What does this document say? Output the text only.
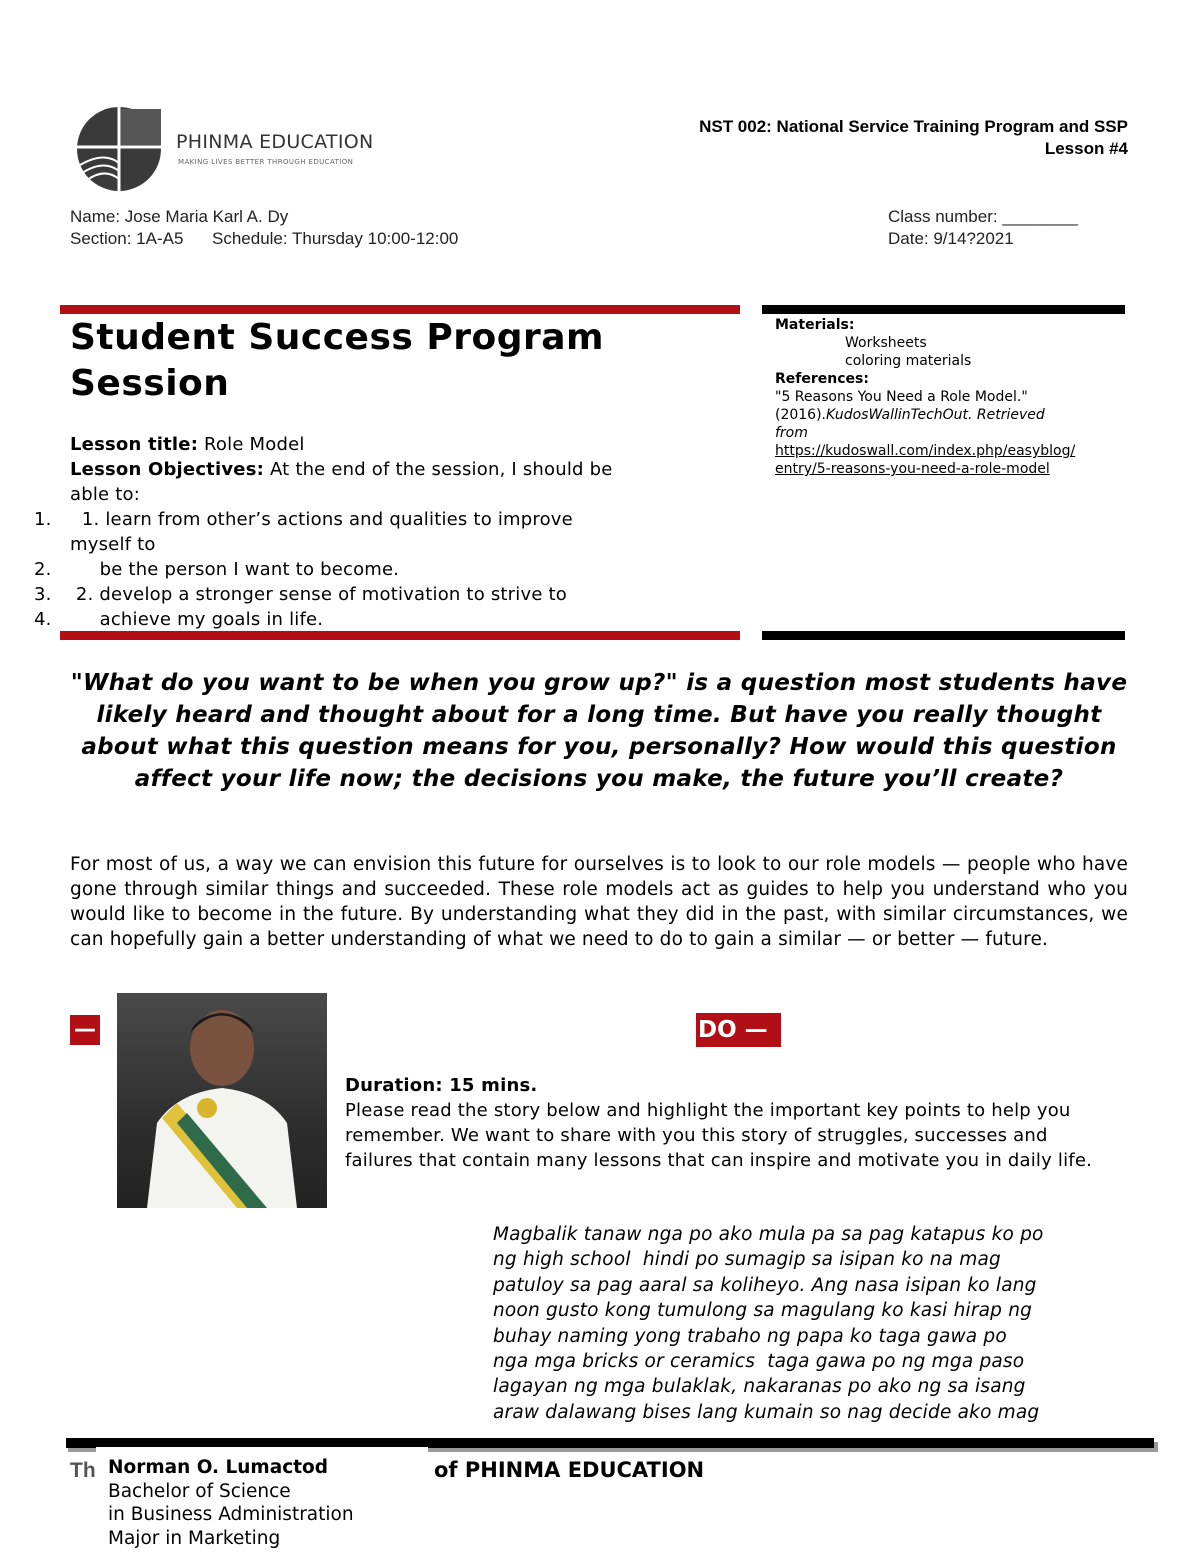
PHINMA EDUCATION
MAKING LIVES BETTER THROUGH EDUCATION
NST 002: National Service Training Program and SSP
Lesson #4
Name: Jose Maria Karl A. Dy
Section: 1A-A5 Schedule: Thursday 10:00-12:00
Class number: ________
Date: 9/14?2021
Student Success Program
Session
Lesson title: Role Model
Lesson Objectives: At the end of the session, I should be
able to:
1.	1. learn from other’s actions and qualities to improve
myself to
2.	be the person I want to become.
3.	2. develop a stronger sense of motivation to strive to
4.	achieve my goals in life.
Materials:
Worksheets
coloring materials
References:
"5 Reasons You Need a Role Model."
(2016).KudosWallinTechOut. Retrieved
from
https://kudoswall.com/index.php/easyblog/
entry/5-reasons-you-need-a-role-model
"What do you want to be when you grow up?" is a question most students have likely heard and thought about for a long time. But have you really thought about what this question means for you, personally? How would this question affect your life now; the decisions you make, the future you’ll create?
For most of us, a way we can envision this future for ourselves is to look to our role models — people who have gone through similar things and succeeded. These role models act as guides to help you understand who you would like to become in the future. By understanding what they did in the past, with similar circumstances, we can hopefully gain a better understanding of what we need to do to gain a similar — or better — future.
—	DO —
Duration: 15 mins.
Please read the story below and highlight the important key points to help you remember. We want to share with you this story of struggles, successes and failures that contain many lessons that can inspire and motivate you in daily life.
Magbalik tanaw nga po ako mula pa sa pag katapus ko po
ng high school  hindi po sumagip sa isipan ko na mag
patuloy sa pag aaral sa koliheyo. Ang nasa isipan ko lang
noon gusto kong tumulong sa magulang ko kasi hirap ng
buhay naming yong trabaho ng papa ko taga gawa po
nga mga bricks or ceramics  taga gawa po ng mga paso
lagayan ng mga bulaklak, nakaranas po ako ng sa isang
araw dalawang bises lang kumain so nag decide ako mag
Th	of PHINMA EDUCATION
Norman O. Lumactod
Bachelor of Science
in Business Administration
Major in Marketing
